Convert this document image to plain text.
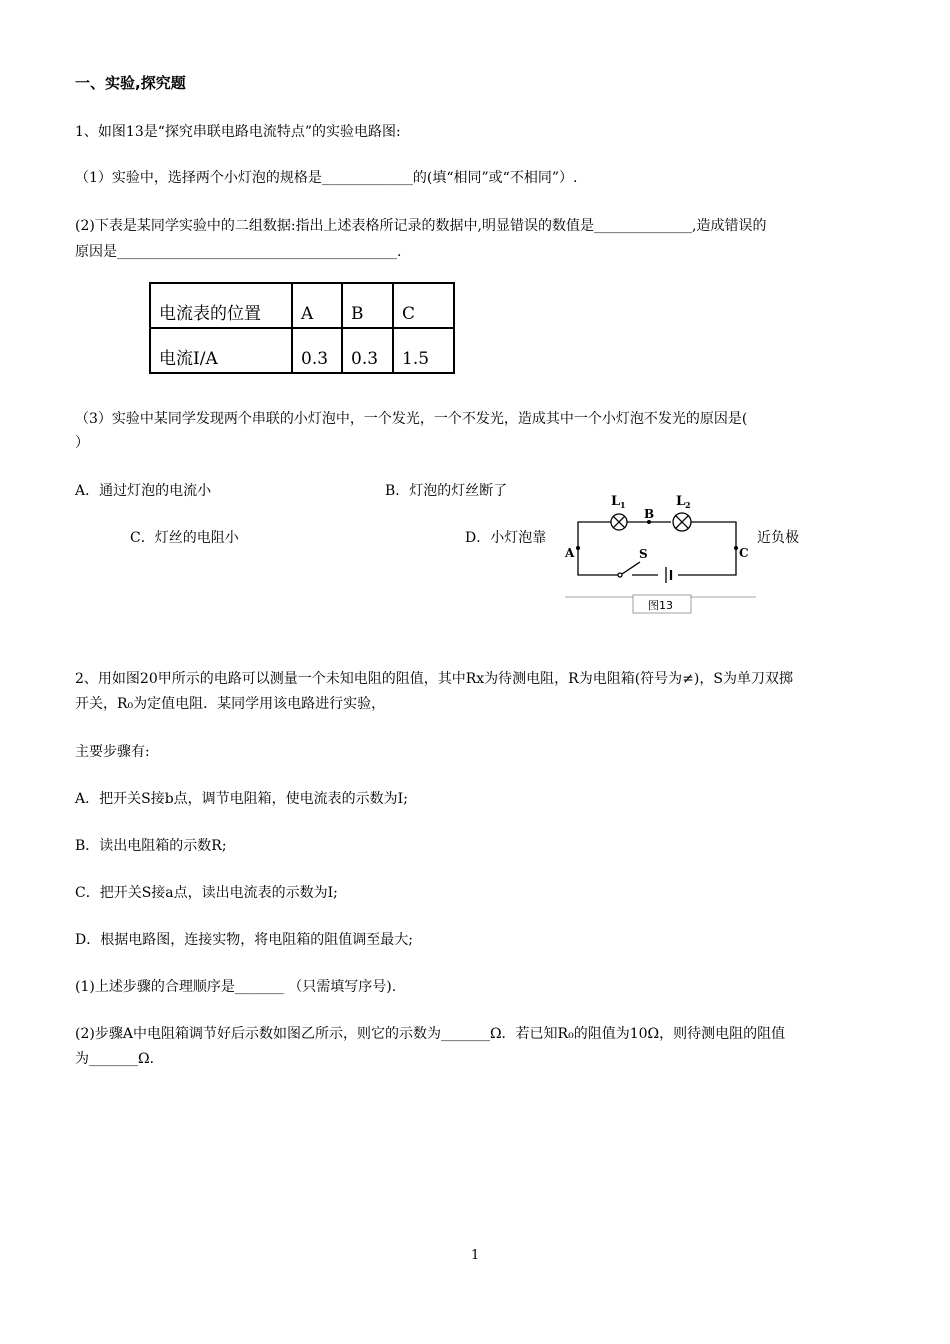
一、实验,探究题
1、如图13是“探究串联电路电流特点”的实验电路图:
（1）实验中，选择两个小灯泡的规格是_____________的(填“相同”或“不相同”）.
(2)下表是某同学实验中的二组数据:指出上述表格所记录的数据中,明显错误的数值是______________,造成错误的
原因是________________________________________.
电流表的位置	A	B	C
电流I/A	0.3	0.3	1.5
（3）实验中某同学发现两个串联的小灯泡中，一个发光，一个不发光，造成其中一个小灯泡不发光的原因是(
）
A．通过灯泡的电流小	B．灯泡的灯丝断了
C．灯丝的电阻小	D．小灯泡靠	近负极
L 1	L 2
B
A	C
S
图13
2、用如图20甲所示的电路可以测量一个未知电阻的阻值，其中Rx为待测电阻，R为电阻箱(符号为≠)，S为单刀双掷
开关，R₀为定值电阻．某同学用该电路进行实验，
主要步骤有:
A．把开关S接b点，调节电阻箱，使电流表的示数为I;
B．读出电阻箱的示数R;
C．把开关S接a点，读出电流表的示数为I;
D．根据电路图，连接实物，将电阻箱的阻值调至最大;
(1)上述步骤的合理顺序是_______ （只需填写序号).
(2)步骤A中电阻箱调节好后示数如图乙所示，则它的示数为_______Ω．若已知R₀的阻值为10Ω，则待测电阻的阻值
为_______Ω．
1
